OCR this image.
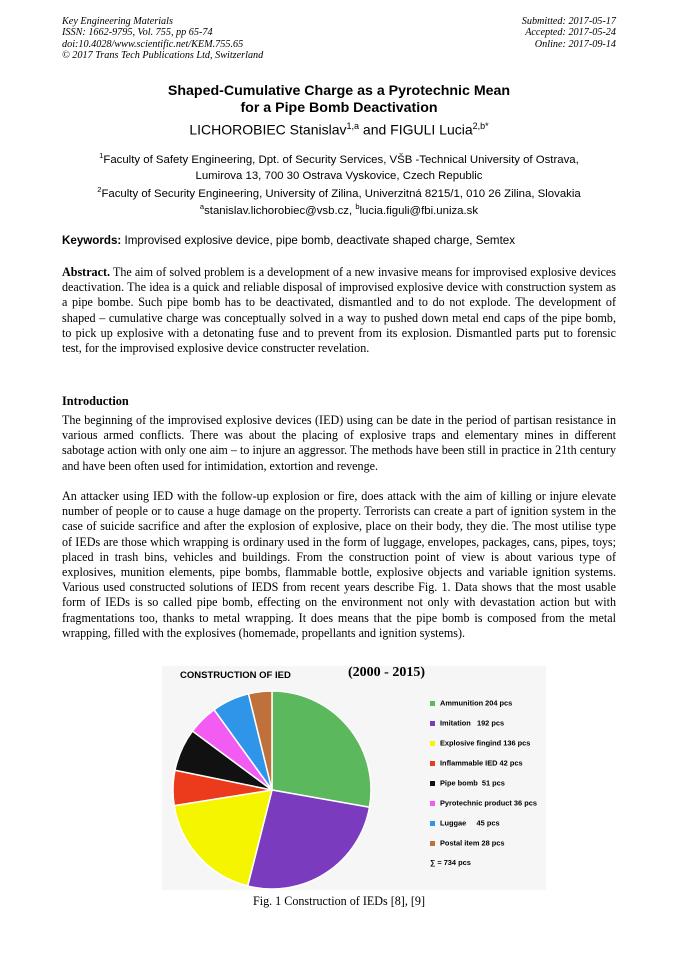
Key Engineering Materials
ISSN: 1662-9795, Vol. 755, pp 65-74
doi:10.4028/www.scientific.net/KEM.755.65
© 2017 Trans Tech Publications Ltd, Switzerland
Submitted: 2017-05-17
Accepted: 2017-05-24
Online: 2017-09-14
Shaped-Cumulative Charge as a Pyrotechnic Mean
for a Pipe Bomb Deactivation
LICHOROBIEC Stanislav$^{1,a}$ and FIGULI Lucia$^{2,b*}$
$^1$Faculty of Safety Engineering, Dpt. of Security Services, VŠB -Technical University of Ostrava,
Lumirova 13, 700 30 Ostrava Vyskovice, Czech Republic
$^2$Faculty of Security Engineering, University of Zilina, Univerzitná 8215/1, 010 26 Zilina, Slovakia
$^a$stanislav.lichorobiec@vsb.cz, $^b$lucia.figuli@fbi.uniza.sk
Keywords: Improvised explosive device, pipe bomb, deactivate shaped charge, Semtex
Abstract. The aim of solved problem is a development of a new invasive means for improvised explosive devices deactivation. The idea is a quick and reliable disposal of improvised explosive device with construction system as a pipe bombe. Such pipe bomb has to be deactivated, dismantled and to do not explode. The development of shaped – cumulative charge was conceptually solved in a way to pushed down metal end caps of the pipe bomb, to pick up explosive with a detonating fuse and to prevent from its explosion. Dismantled parts put to forensic test, for the improvised explosive device constructer revelation.
Introduction
The beginning of the improvised explosive devices (IED) using can be date in the period of partisan resistance in various armed conflicts. There was about the placing of explosive traps and elementary mines in different sabotage action with only one aim – to injure an aggressor. The methods have been still in practice in 21th century and have been often used for intimidation, extortion and revenge.
An attacker using IED with the follow-up explosion or fire, does attack with the aim of killing or injure elevate number of people or to cause a huge damage on the property. Terrorists can create a part of ignition system in the case of suicide sacrifice and after the explosion of explosive, place on their body, they die. The most utilise type of IEDs are those which wrapping is ordinary used in the form of luggage, envelopes, packages, cans, pipes, toys; placed in trash bins, vehicles and buildings. From the construction point of view is about various type of explosives, munition elements, pipe bombs, flammable bottle, explosive objects and variable ignition systems. Various used constructed solutions of IEDS from recent years describe Fig. 1. Data shows that the most usable form of IEDs is so called pipe bomb, effecting on the environment not only with devastation action but with fragmentations too, thanks to metal wrapping. It does means that the pipe bomb is composed from the metal wrapping, filled with the explosives (homemade, propellants and ignition systems).
CONSTRUCTION OF IED	(2000 - 2015)
Ammunition 204 pcs
Imitation   192 pcs
Explosive fingind 136 pcs
Inflammable IED 42 pcs
Pipe bomb  51 pcs
Pyrotechnic product 36 pcs
Luggae     45 pcs
Postal item 28 pcs
∑ = 734 pcs
Fig. 1 Construction of IEDs [8], [9]
